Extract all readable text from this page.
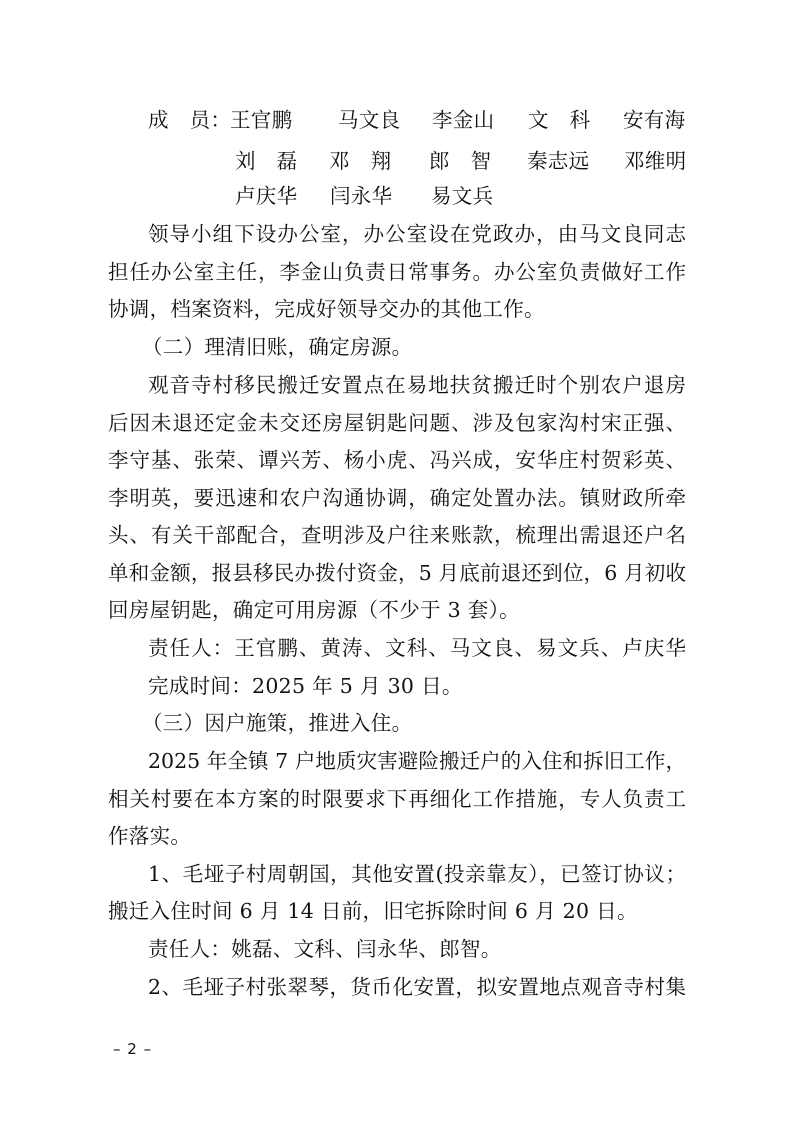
成　员：
王官鹏 马文良 李金山 文　科 安有海
刘　磊 邓　翔 郎　智 秦志远 邓维明
卢庆华 闫永华 易文兵
领导小组下设办公室，办公室设在党政办，由马文良同志
担任办公室主任，李金山负责日常事务。办公室负责做好工作
协调，档案资料，完成好领导交办的其他工作。
（二）理清旧账，确定房源。
观音寺村移民搬迁安置点在易地扶贫搬迁时个别农户退房
后因未退还定金未交还房屋钥匙问题、涉及包家沟村宋正强、
李守基、张荣、谭兴芳、杨小虎、冯兴成，安华庄村贺彩英、
李明英，要迅速和农户沟通协调，确定处置办法。镇财政所牵
头、有关干部配合，查明涉及户往来账款，梳理出需退还户名
单和金额，报县移民办拨付资金，5 月底前退还到位，6 月初收
回房屋钥匙，确定可用房源（不少于 3 套）。
责任人：王官鹏、黄涛、文科、马文良、易文兵、卢庆华
完成时间：2025 年 5 月 30 日。
（三）因户施策，推进入住。
2025 年全镇 7 户地质灾害避险搬迁户的入住和拆旧工作，
相关村要在本方案的时限要求下再细化工作措施，专人负责工
作落实。
1、毛垭子村周朝国，其他安置(投亲靠友），已签订协议；
搬迁入住时间 6 月 14 日前，旧宅拆除时间 6 月 20 日。
责任人：姚磊、文科、闫永华、郎智。
2、毛垭子村张翠琴，货币化安置，拟安置地点观音寺村集
– 2 –
